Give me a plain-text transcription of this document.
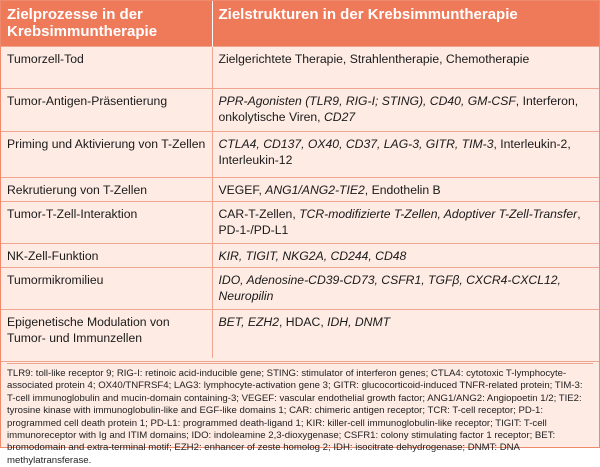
Zielprozesse in der Krebsimmuntherapie	Zielstrukturen in der Krebsimmuntherapie
Tumorzell-Tod	Zielgerichtete Therapie, Strahlentherapie, Chemotherapie
Tumor-Antigen-Präsentierung	PPR-Agonisten (TLR9, RIG-I; STING), CD40, GM-CSF, Interferon, onkolytische Viren, CD27
Priming und Aktivierung von T-Zellen	CTLA4, CD137, OX40, CD37, LAG-3, GITR, TIM-3, Interleukin-2, Interleukin-12
Rekrutierung von T-Zellen	VEGEF, ANG1/ANG2-TIE2, Endothelin B
Tumor-T-Zell-Interaktion	CAR-T-Zellen, TCR-modifizierte T-Zellen, Adoptiver T-Zell-Transfer, PD-1-/PD-L1
NK-Zell-Funktion	KIR, TIGIT, NKG2A, CD244, CD48
Tumormikromilieu	IDO, Adenosine-CD39-CD73, CSFR1, TGFβ, CXCR4-CXCL12, Neuropilin
Epigenetische Modulation von Tumor- und Immunzellen	BET, EZH2, HDAC, IDH, DNMT
TLR9: toll-like receptor 9; RIG-I: retinoic acid-inducible gene; STING: stimulator of interferon genes; CTLA4: cytotoxic T-lymphocyte-associated protein 4; OX40/TNFRSF4; LAG3: lymphocyte-activation gene 3; GITR: glucocorticoid-induced TNFR-related protein; TIM-3: T-cell immunoglobulin and mucin-domain containing-3; VEGEF: vascular endothelial growth factor; ANG1/ANG2: Angiopoetin 1/2; TIE2: tyrosine kinase with immunoglobulin-like and EGF-like domains 1; CAR: chimeric antigen receptor; TCR: T-cell receptor; PD-1: programmed cell death protein 1; PD-L1: programmed death-ligand 1; KIR: killer-cell immunoglobulin-like receptor; TIGIT: T-cell immunoreceptor with Ig and ITIM domains; IDO: indoleamine 2,3-dioxygenase; CSFR1: colony stimulating factor 1 receptor; BET: bromodomain and extra-terminal motif; EZH2: enhancer of zeste homolog 2; IDH: isocitrate dehydrogenase; DNMT: DNA methylatransferase.
